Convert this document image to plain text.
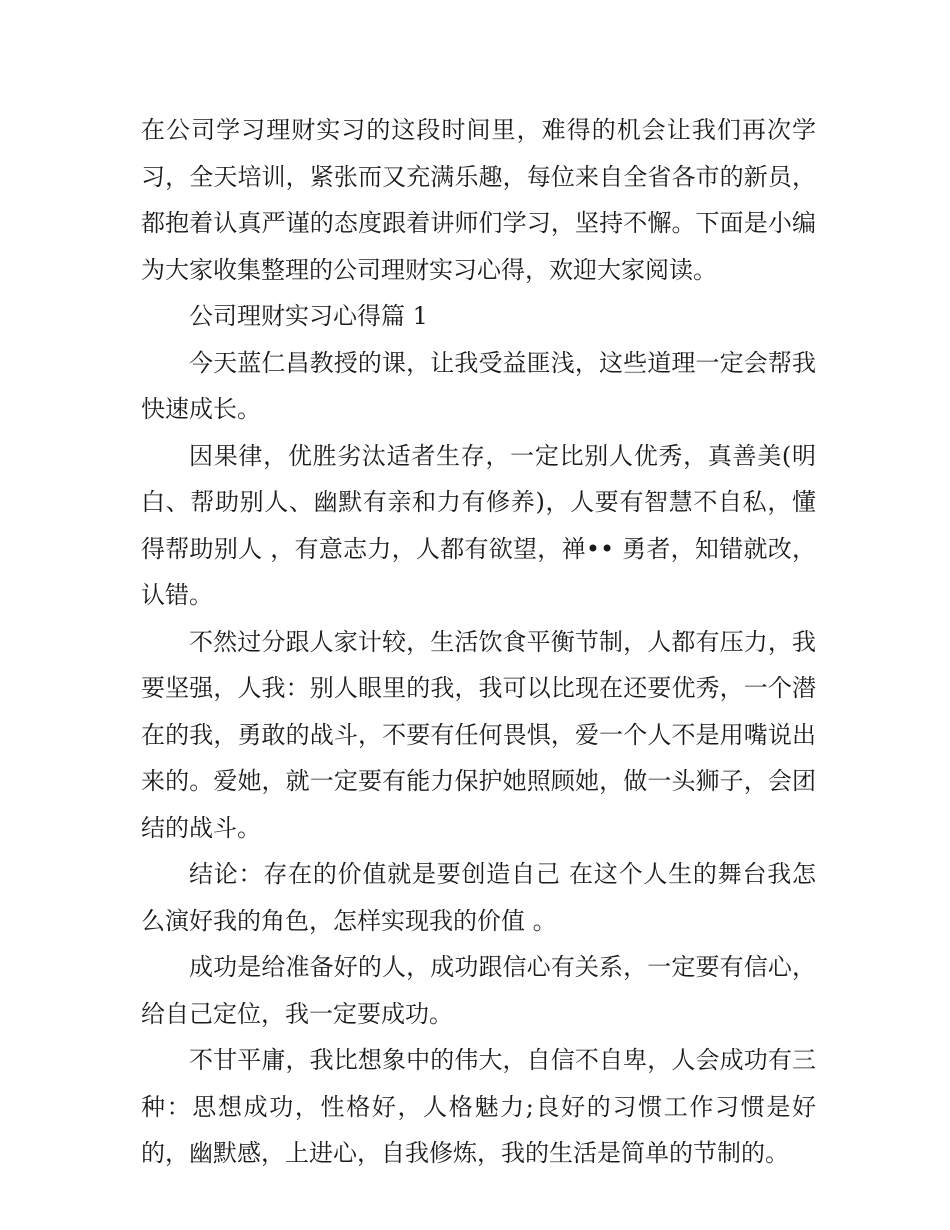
在公司学习理财实习的这段时间里，难得的机会让我们再次学习，全天培训，紧张而又充满乐趣，每位来自全省各市的新员，都抱着认真严谨的态度跟着讲师们学习，坚持不懈。下面是小编为大家收集整理的公司理财实习心得，欢迎大家阅读。

公司理财实习心得篇 1

今天蓝仁昌教授的课，让我受益匪浅，这些道理一定会帮我快速成长。

因果律，优胜劣汰适者生存，一定比别人优秀，真善美(明白、帮助别人、幽默有亲和力有修养)，人要有智慧不自私，懂得帮助别人 ，有意志力，人都有欲望，禅•• 勇者，知错就改，认错。

不然过分跟人家计较，生活饮食平衡节制，人都有压力，我要坚强，人我：别人眼里的我，我可以比现在还要优秀，一个潜在的我，勇敢的战斗，不要有任何畏惧，爱一个人不是用嘴说出来的。爱她，就一定要有能力保护她照顾她，做一头狮子，会团结的战斗。

结论：存在的价值就是要创造自己 在这个人生的舞台我怎么演好我的角色，怎样实现我的价值 。

成功是给准备好的人，成功跟信心有关系，一定要有信心，给自己定位，我一定要成功。

不甘平庸，我比想象中的伟大，自信不自卑，人会成功有三种：思想成功，性格好，人格魅力;良好的习惯工作习惯是好的，幽默感，上进心，自我修炼，我的生活是简单的节制的。
